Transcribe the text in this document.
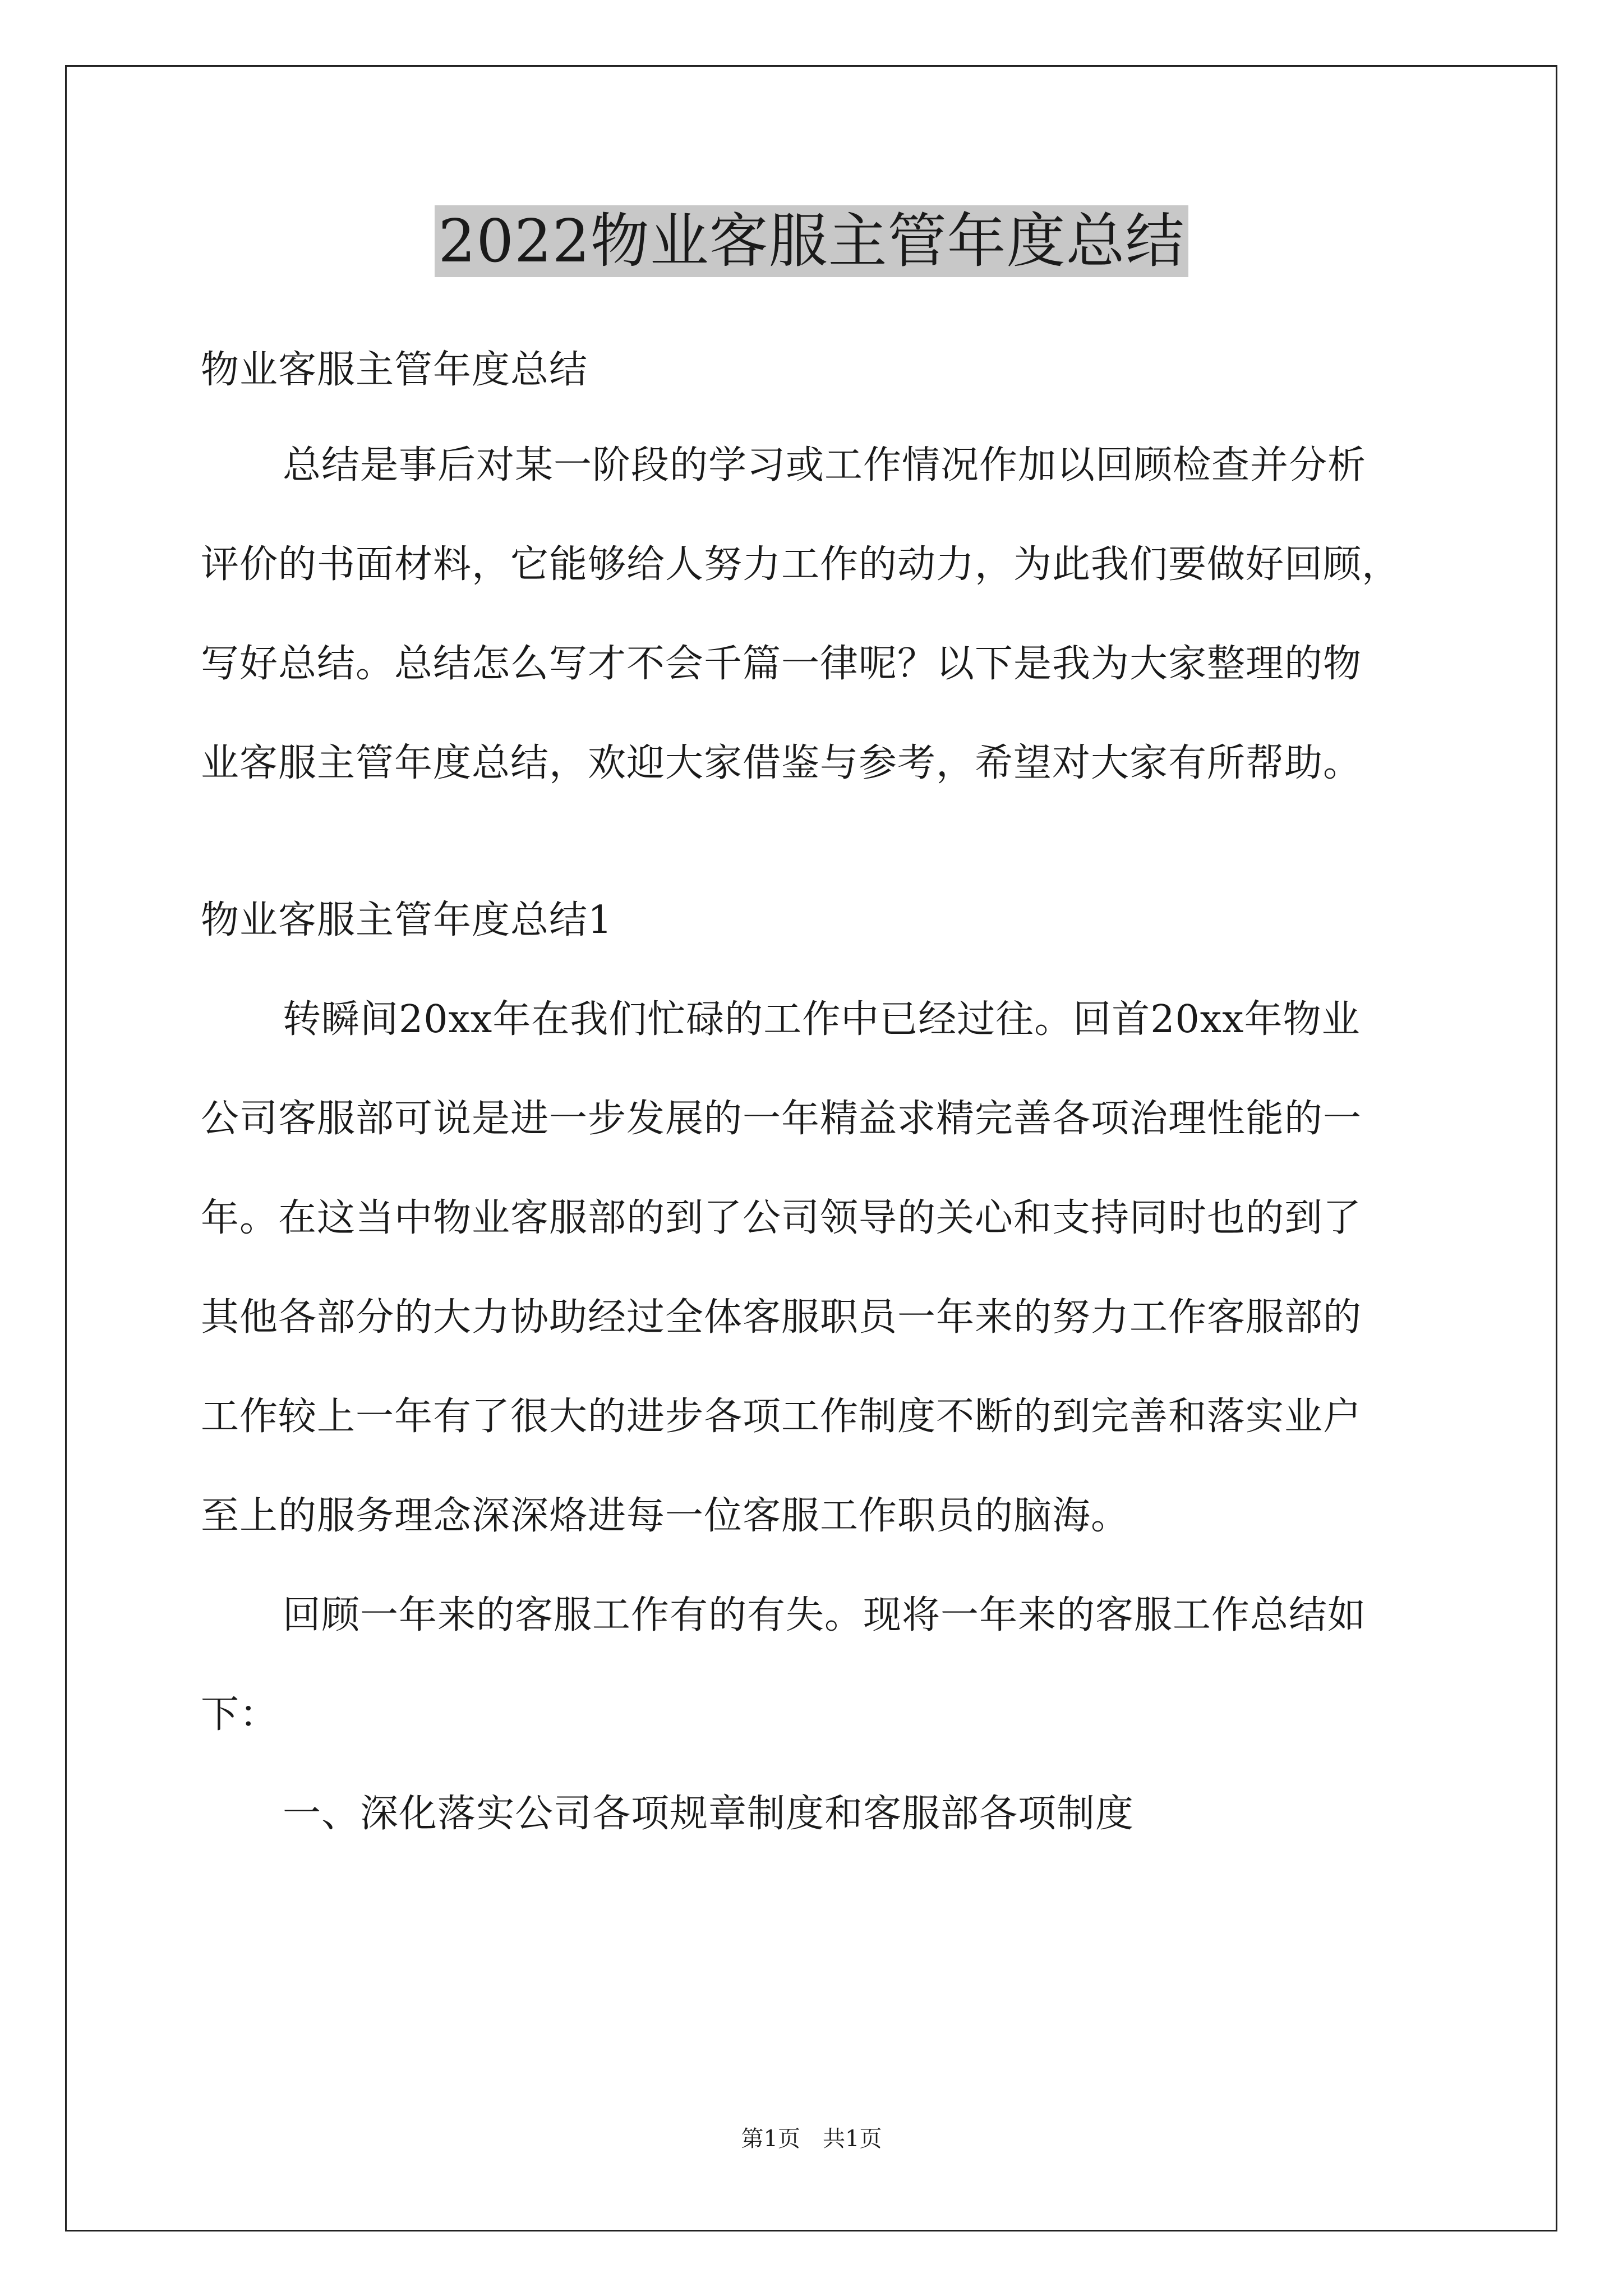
2022物业客服主管年度总结
物业客服主管年度总结
总结是事后对某一阶段的学习或工作情况作加以回顾检查并分析
评价的书面材料，它能够给人努力工作的动力，为此我们要做好回顾，
写好总结。总结怎么写才不会千篇一律呢？以下是我为大家整理的物
业客服主管年度总结，欢迎大家借鉴与参考，希望对大家有所帮助。
物业客服主管年度总结1
转瞬间20xx年在我们忙碌的工作中已经过往。回首20xx年物业
公司客服部可说是进一步发展的一年精益求精完善各项治理性能的一
年。在这当中物业客服部的到了公司领导的关心和支持同时也的到了
其他各部分的大力协助经过全体客服职员一年来的努力工作客服部的
工作较上一年有了很大的进步各项工作制度不断的到完善和落实业户
至上的服务理念深深烙进每一位客服工作职员的脑海。
回顾一年来的客服工作有的有失。现将一年来的客服工作总结如
下：
一、深化落实公司各项规章制度和客服部各项制度
第1页　共1页
